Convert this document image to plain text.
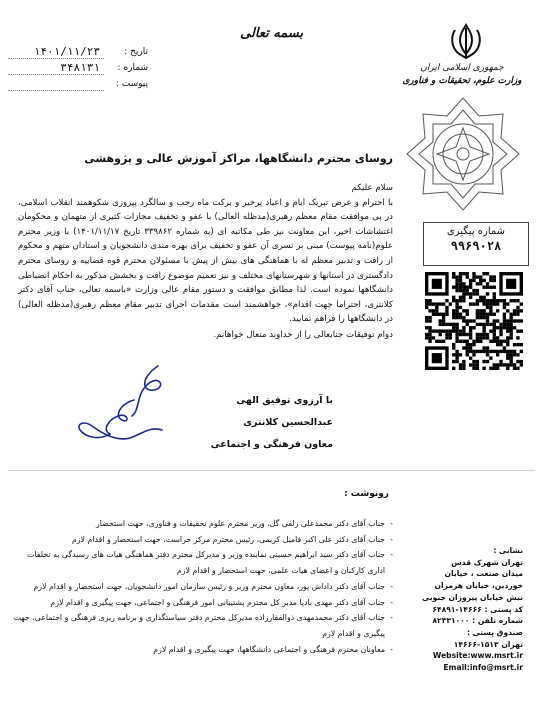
بسمه تعالی
تاریخ :
۱۴۰۱/۱۱/۲۳
شماره :
۳۴۸۱۳۱
پیوست :
جمهوری اسلامی ایران
وزارت علوم، تحقیقات و فناوری
روسای محترم دانشگاهها، مراکز آموزش عالی و پژوهشی

سلام علیکم

با احترام و عرض تبریک ایام و اعیاد پرخیر و برکت ماه رجب و سالگرد پیروزی شکوهمند انقلاب اسلامی، در پی موافقت مقام معظم رهبری(مدظله العالی) با عفو و تخفیف مجازات کثیری از متهمان و محکومان اغتشاشات اخیر، این معاونت نیز طی مکاتبه ای (به شماره ۳۳۹۸۶۲ تاریخ ۱۴۰۱/۱۱/۱۷) با وزیر محترم علوم(نامه پیوست) مبنی بر تسری آن عفو و تخفیف برای بهره مندی دانشجویان و استادان متهم و محکوم از رافت و تدبیر معظم له با هماهنگی های بیش از پیش با مسئولان محترم قوه قضاییه و روسای محترم دادگستری در استانها و شهرستانهای مختلف و نیز تعمیم موضوع رافت و بخشش مذکور به احکام انضباطی دانشگاهها نموده است. لذا مطابق موافقت و دستور مقام عالی وزارت «باسمه تعالی، جناب آقای دکتر کلانتری، احتراما جهت اقدام»، خواهشمند است مقدمات اجرای تدبیر مقام معظم رهبری(مدظله العالی) در دانشگاهها را فراهم نمایید.

دوام توفیقات جنابعالی را از خداوند متعال خواهانم.

شماره پیگیری
۹۹۶۹۰۲۸
با آرزوی توفیق الهی
عبدالحسین کلانتری
معاون فرهنگی و اجتماعی
رونوشت :
- جناب آقای دکتر محمدعلی زلفی گل، وزیر محترم علوم تحقیقات و فناوری، جهت استحضار
- جناب آقای دکتر علی اکبر فامیل کریمی، رئیس محترم مرکز حراست، جهت استحضار و اقدام لازم
- جناب آقای دکتر سید ابراهیم حسینی نماینده وزیر و مدیرکل محترم دفتر هماهنگی هیات های رسیدگی به تخلفات اداری کارکنان و اعضای هیات علمی، جهت استحضار و اقدام لازم
- جناب آقای دکتر داداش پور، معاون محترم وزیر و رئیس سازمان امور دانشجویان، جهت استحضار و اقدام لازم
- جناب آقای دکتر مهدی بادپا مدیر کل محترم پشتیبانی امور فرهنگی و اجتماعی، جهت پیگیری و اقدام لازم
- جناب آقای دکتر محمدمهدی ذوالفقارزاده مدیرکل محترم دفتر سیاستگذاری و برنامه ریزی فرهنگی و اجتماعی، جهت پیگیری و اقدام لازم
- معاونان محترم فرهنگی و اجتماعی دانشگاهها، جهت پیگیری و اقدام لازم
نشانی :
تهران شهرک قدس
میدان صنعت ، خیابان
خوردین، خیابان هرمزان
نبش خیابان پیروزان جنوبی
کد پستی : ۱۴۶۶۶-۶۴۸۹۱
شماره تلفن : ۸۲۳۳۱۰۰۰
صندوق پستی :
تهران ۱۵۱۳-۱۴۶۶۶
Website:www.msrt.ir
Email:info@msrt.ir
